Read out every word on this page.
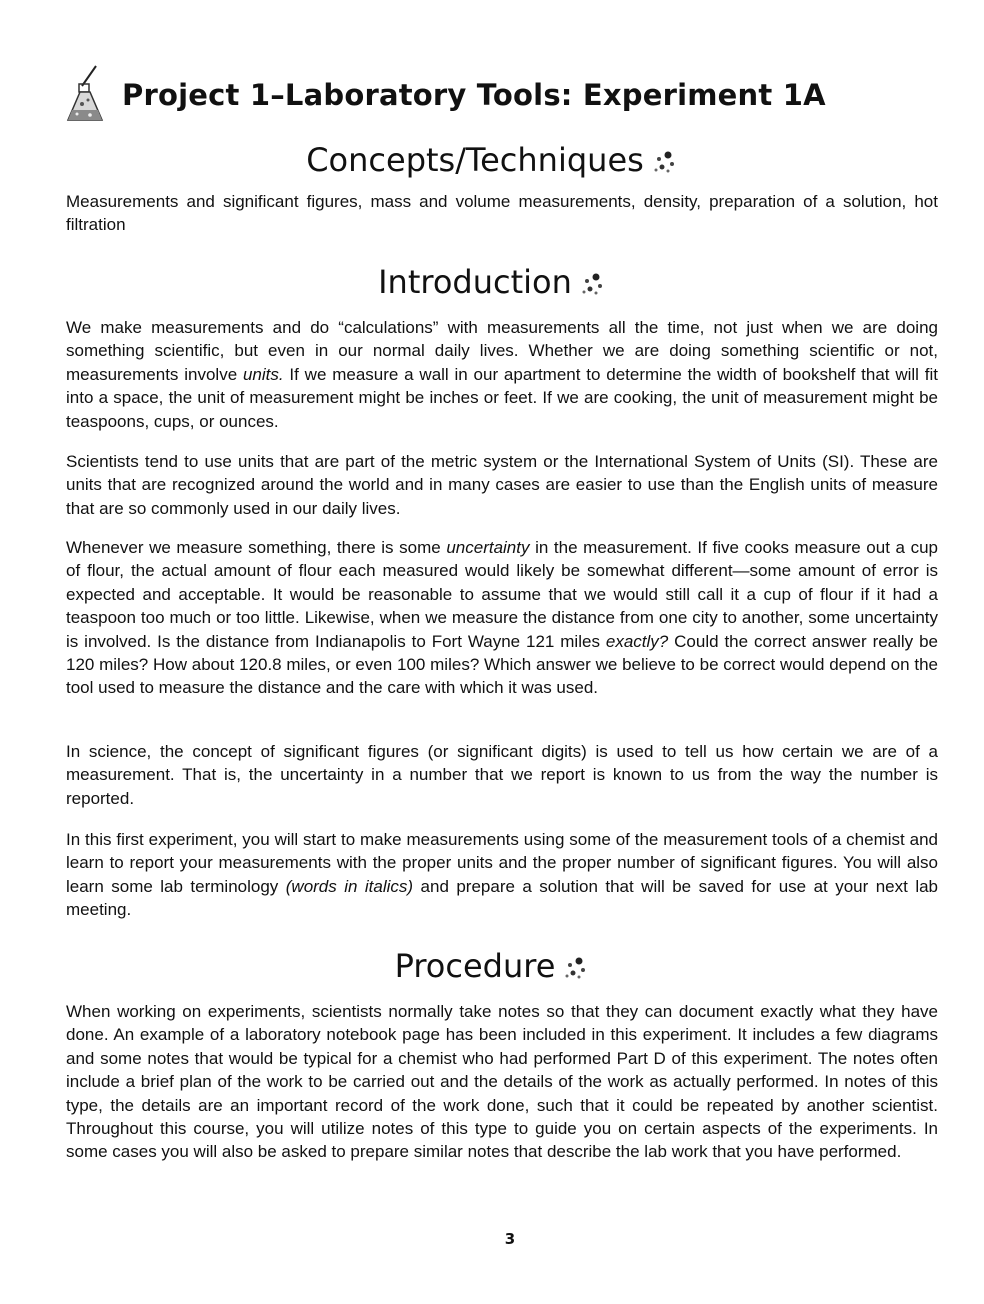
Project 1–Laboratory Tools: Experiment 1A
Concepts/Techniques

Measurements and significant figures, mass and volume measurements, density, preparation of a solution, hot filtration

Introduction

We make measurements and do “calculations” with measurements all the time, not just when we are doing something scientific, but even in our normal daily lives. Whether we are doing something scientific or not, measurements involve units. If we measure a wall in our apartment to determine the width of bookshelf that will fit into a space, the unit of measurement might be inches or feet. If we are cooking, the unit of measurement might be teaspoons, cups, or ounces.

Scientists tend to use units that are part of the metric system or the International System of Units (SI). These are units that are recognized around the world and in many cases are easier to use than the English units of measure that are so commonly used in our daily lives.

Whenever we measure something, there is some uncertainty in the measurement. If five cooks measure out a cup of flour, the actual amount of flour each measured would likely be somewhat different—some amount of error is expected and acceptable. It would be reasonable to assume that we would still call it a cup of flour if it had a teaspoon too much or too little. Likewise, when we measure the distance from one city to another, some uncertainty is involved. Is the distance from Indianapolis to Fort Wayne 121 miles exactly? Could the correct answer really be 120 miles? How about 120.8 miles, or even 100 miles? Which answer we believe to be correct would depend on the tool used to measure the distance and the care with which it was used.

In science, the concept of significant figures (or significant digits) is used to tell us how certain we are of a measurement. That is, the uncertainty in a number that we report is known to us from the way the number is reported.

In this first experiment, you will start to make measurements using some of the measurement tools of a chemist and learn to report your measurements with the proper units and the proper number of significant figures. You will also learn some lab terminology (words in italics) and prepare a solution that will be saved for use at your next lab meeting.

Procedure

When working on experiments, scientists normally take notes so that they can document exactly what they have done. An example of a laboratory notebook page has been included in this experiment. It includes a few diagrams and some notes that would be typical for a chemist who had performed Part D of this experiment. The notes often include a brief plan of the work to be carried out and the details of the work as actually performed. In notes of this type, the details are an important record of the work done, such that it could be repeated by another scientist. Throughout this course, you will utilize notes of this type to guide you on certain aspects of the experiments. In some cases you will also be asked to prepare similar notes that describe the lab work that you have performed.

3
